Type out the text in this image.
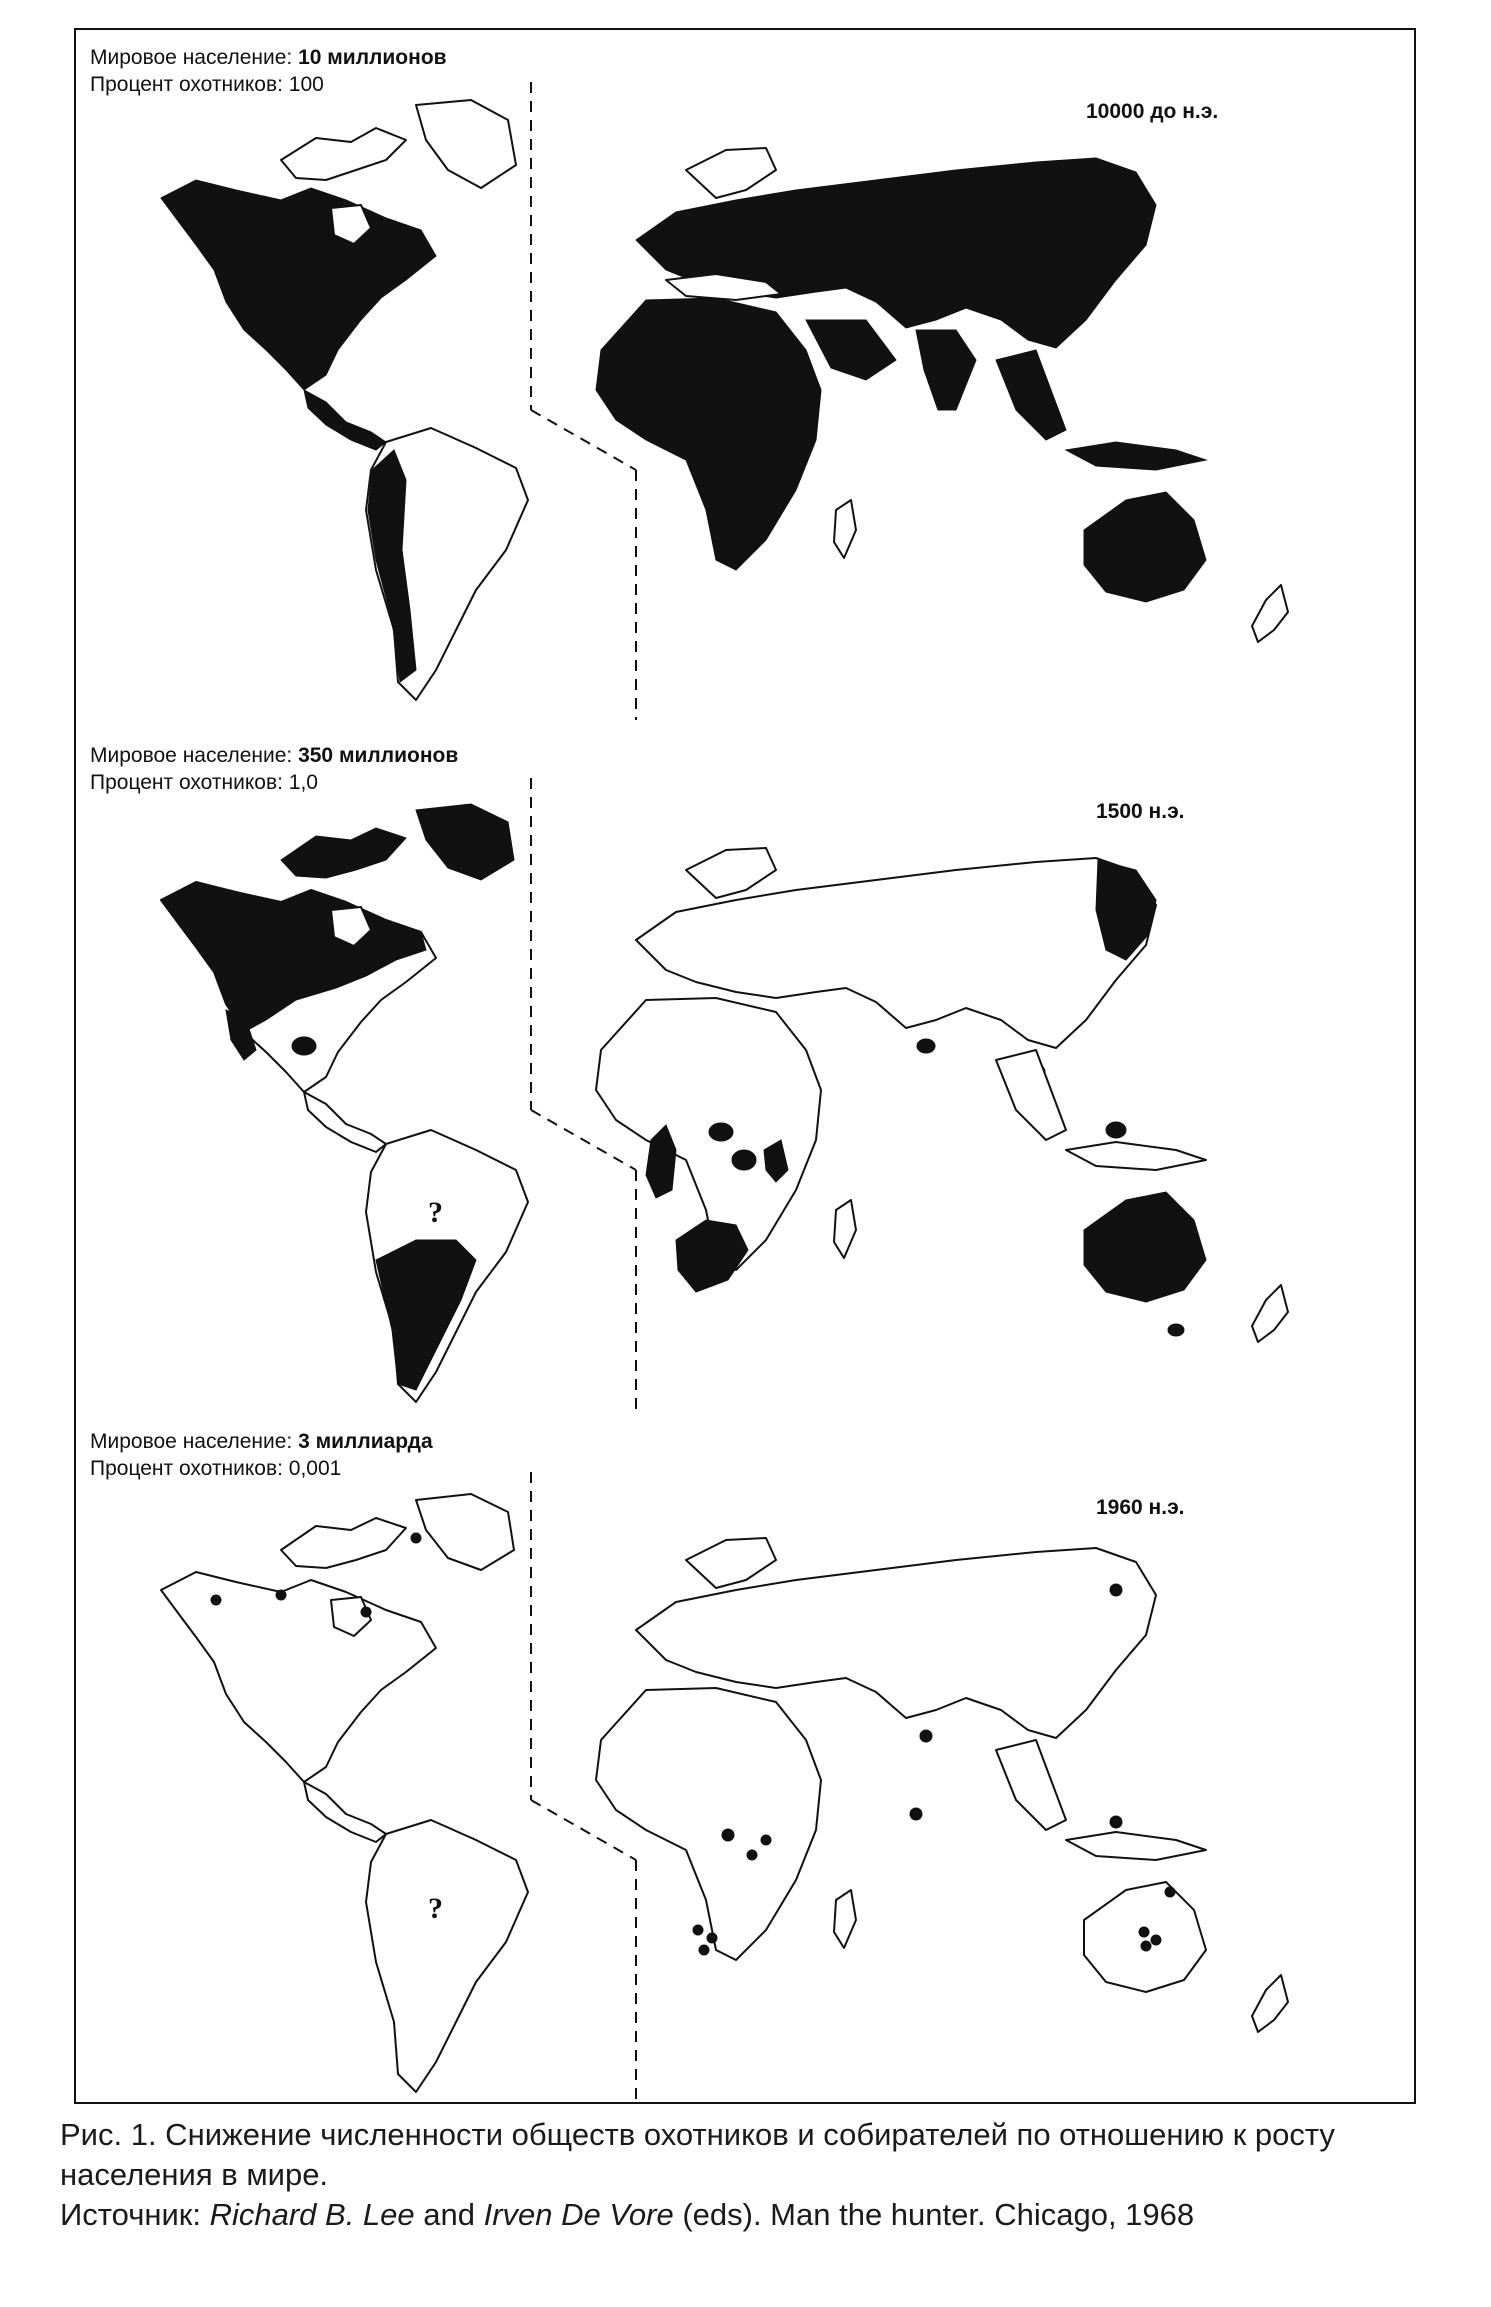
Мировое население: 10 миллионов
Процент охотников: 100
10000 до н.э.
Мировое население: 350 миллионов
Процент охотников: 1,0
1500 н.э.
?
?
Мировое население: 3 миллиарда
Процент охотников: 0,001
1960 н.э.
?
Рис. 1. Снижение численности обществ охотников и собирателей по отношению к росту населения в мире.
Источник: Richard B. Lee and Irven De Vore (eds). Man the hunter. Chicago, 1968
